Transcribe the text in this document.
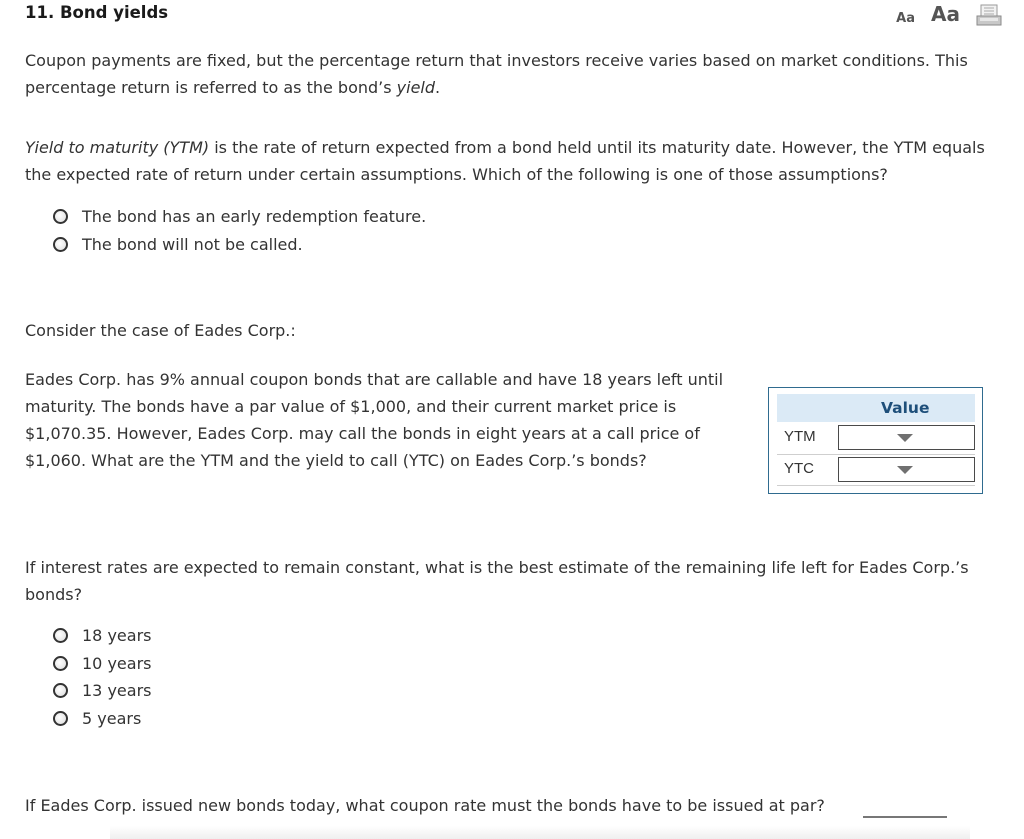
11. Bond yields	Aa Aa
Coupon payments are fixed, but the percentage return that investors receive varies based on market conditions. This percentage return is referred to as the bond’s yield.
Yield to maturity (YTM) is the rate of return expected from a bond held until its maturity date. However, the YTM equals the expected rate of return under certain assumptions. Which of the following is one of those assumptions?
The bond has an early redemption feature.
The bond will not be called.
Consider the case of Eades Corp.:
Eades Corp. has 9% annual coupon bonds that are callable and have 18 years left until maturity. The bonds have a par value of $1,000, and their current market price is $1,070.35. However, Eades Corp. may call the bonds in eight years at a call price of $1,060. What are the YTM and the yield to call (YTC) on Eades Corp.’s bonds?
Value
YTM
YTC
If interest rates are expected to remain constant, what is the best estimate of the remaining life left for Eades Corp.’s bonds?
18 years
10 years
13 years
5 years
If Eades Corp. issued new bonds today, what coupon rate must the bonds have to be issued at par?
